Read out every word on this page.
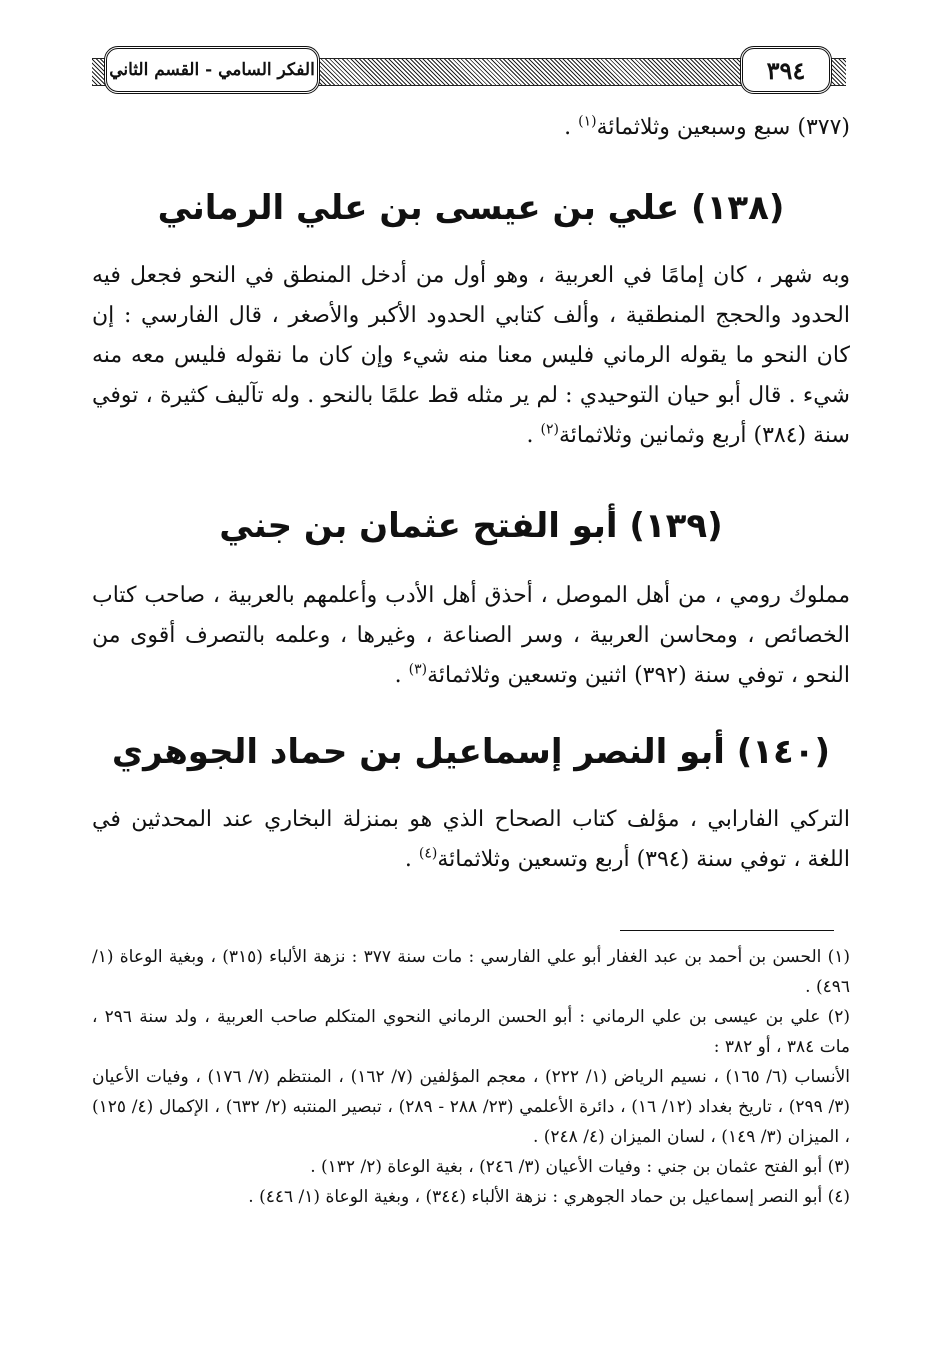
الفكر السامي - القسم الثاني	٣٩٤
(٣٧٧) سبع وسبعين وثلاثمائة$^{(١)}$ .
(١٣٨) علي بن عيسى بن علي الرماني
وبه شهر ، كان إمامًا في العربية ، وهو أول من أدخل المنطق في النحو فجعل فيه الحدود والحجج المنطقية ، وألف كتابي الحدود الأكبر والأصغر ، قال الفارسي : إن كان النحو ما يقوله الرماني فليس معنا منه شيء وإن كان ما نقوله فليس معه منه شيء . قال أبو حيان التوحيدي : لم ير مثله قط علمًا بالنحو . وله تآليف كثيرة ، توفي سنة (٣٨٤) أربع وثمانين وثلاثمائة$^{(٢)}$ .
(١٣٩) أبو الفتح عثمان بن جني
مملوك رومي ، من أهل الموصل ، أحذق أهل الأدب وأعلمهم بالعربية ، صاحب كتاب الخصائص ، ومحاسن العربية ، وسر الصناعة ، وغيرها ، وعلمه بالتصرف أقوى من النحو ، توفي سنة (٣٩٢) اثنين وتسعين وثلاثمائة$^{(٣)}$ .
(١٤٠) أبو النصر إسماعيل بن حماد الجوهري
التركي الفارابي ، مؤلف كتاب الصحاح الذي هو بمنزلة البخاري عند المحدثين في اللغة ، توفي سنة (٣٩٤) أربع وتسعين وثلاثمائة$^{(٤)}$ .

(١) الحسن بن أحمد بن عبد الغفار أبو علي الفارسي : مات سنة ٣٧٧ : نزهة الألباء (٣١٥) ، وبغية الوعاة (١/ ٤٩٦) .

(٢) علي بن عيسى بن علي الرماني : أبو الحسن الرماني النحوي المتكلم صاحب العربية ، ولد سنة ٢٩٦ ، مات ٣٨٤ ، أو ٣٨٢ :

الأنساب (٦/ ١٦٥) ، نسيم الرياض (١/ ٢٢٢) ، معجم المؤلفين (٧/ ١٦٢) ، المنتظم (٧/ ١٧٦) ، وفيات الأعيان (٣/ ٢٩٩) ، تاريخ بغداد (١٢/ ١٦) ، دائرة الأعلمي (٢٣/ ٢٨٨ - ٢٨٩) ، تبصير المنتبه (٢/ ٦٣٢) ، الإكمال (٤/ ١٢٥) ، الميزان (٣/ ١٤٩) ، لسان الميزان (٤/ ٢٤٨) .

(٣) أبو الفتح عثمان بن جني : وفيات الأعيان (٣/ ٢٤٦) ، بغية الوعاة (٢/ ١٣٢) .

(٤) أبو النصر إسماعيل بن حماد الجوهري : نزهة الألباء (٣٤٤) ، وبغية الوعاة (١/ ٤٤٦) .
